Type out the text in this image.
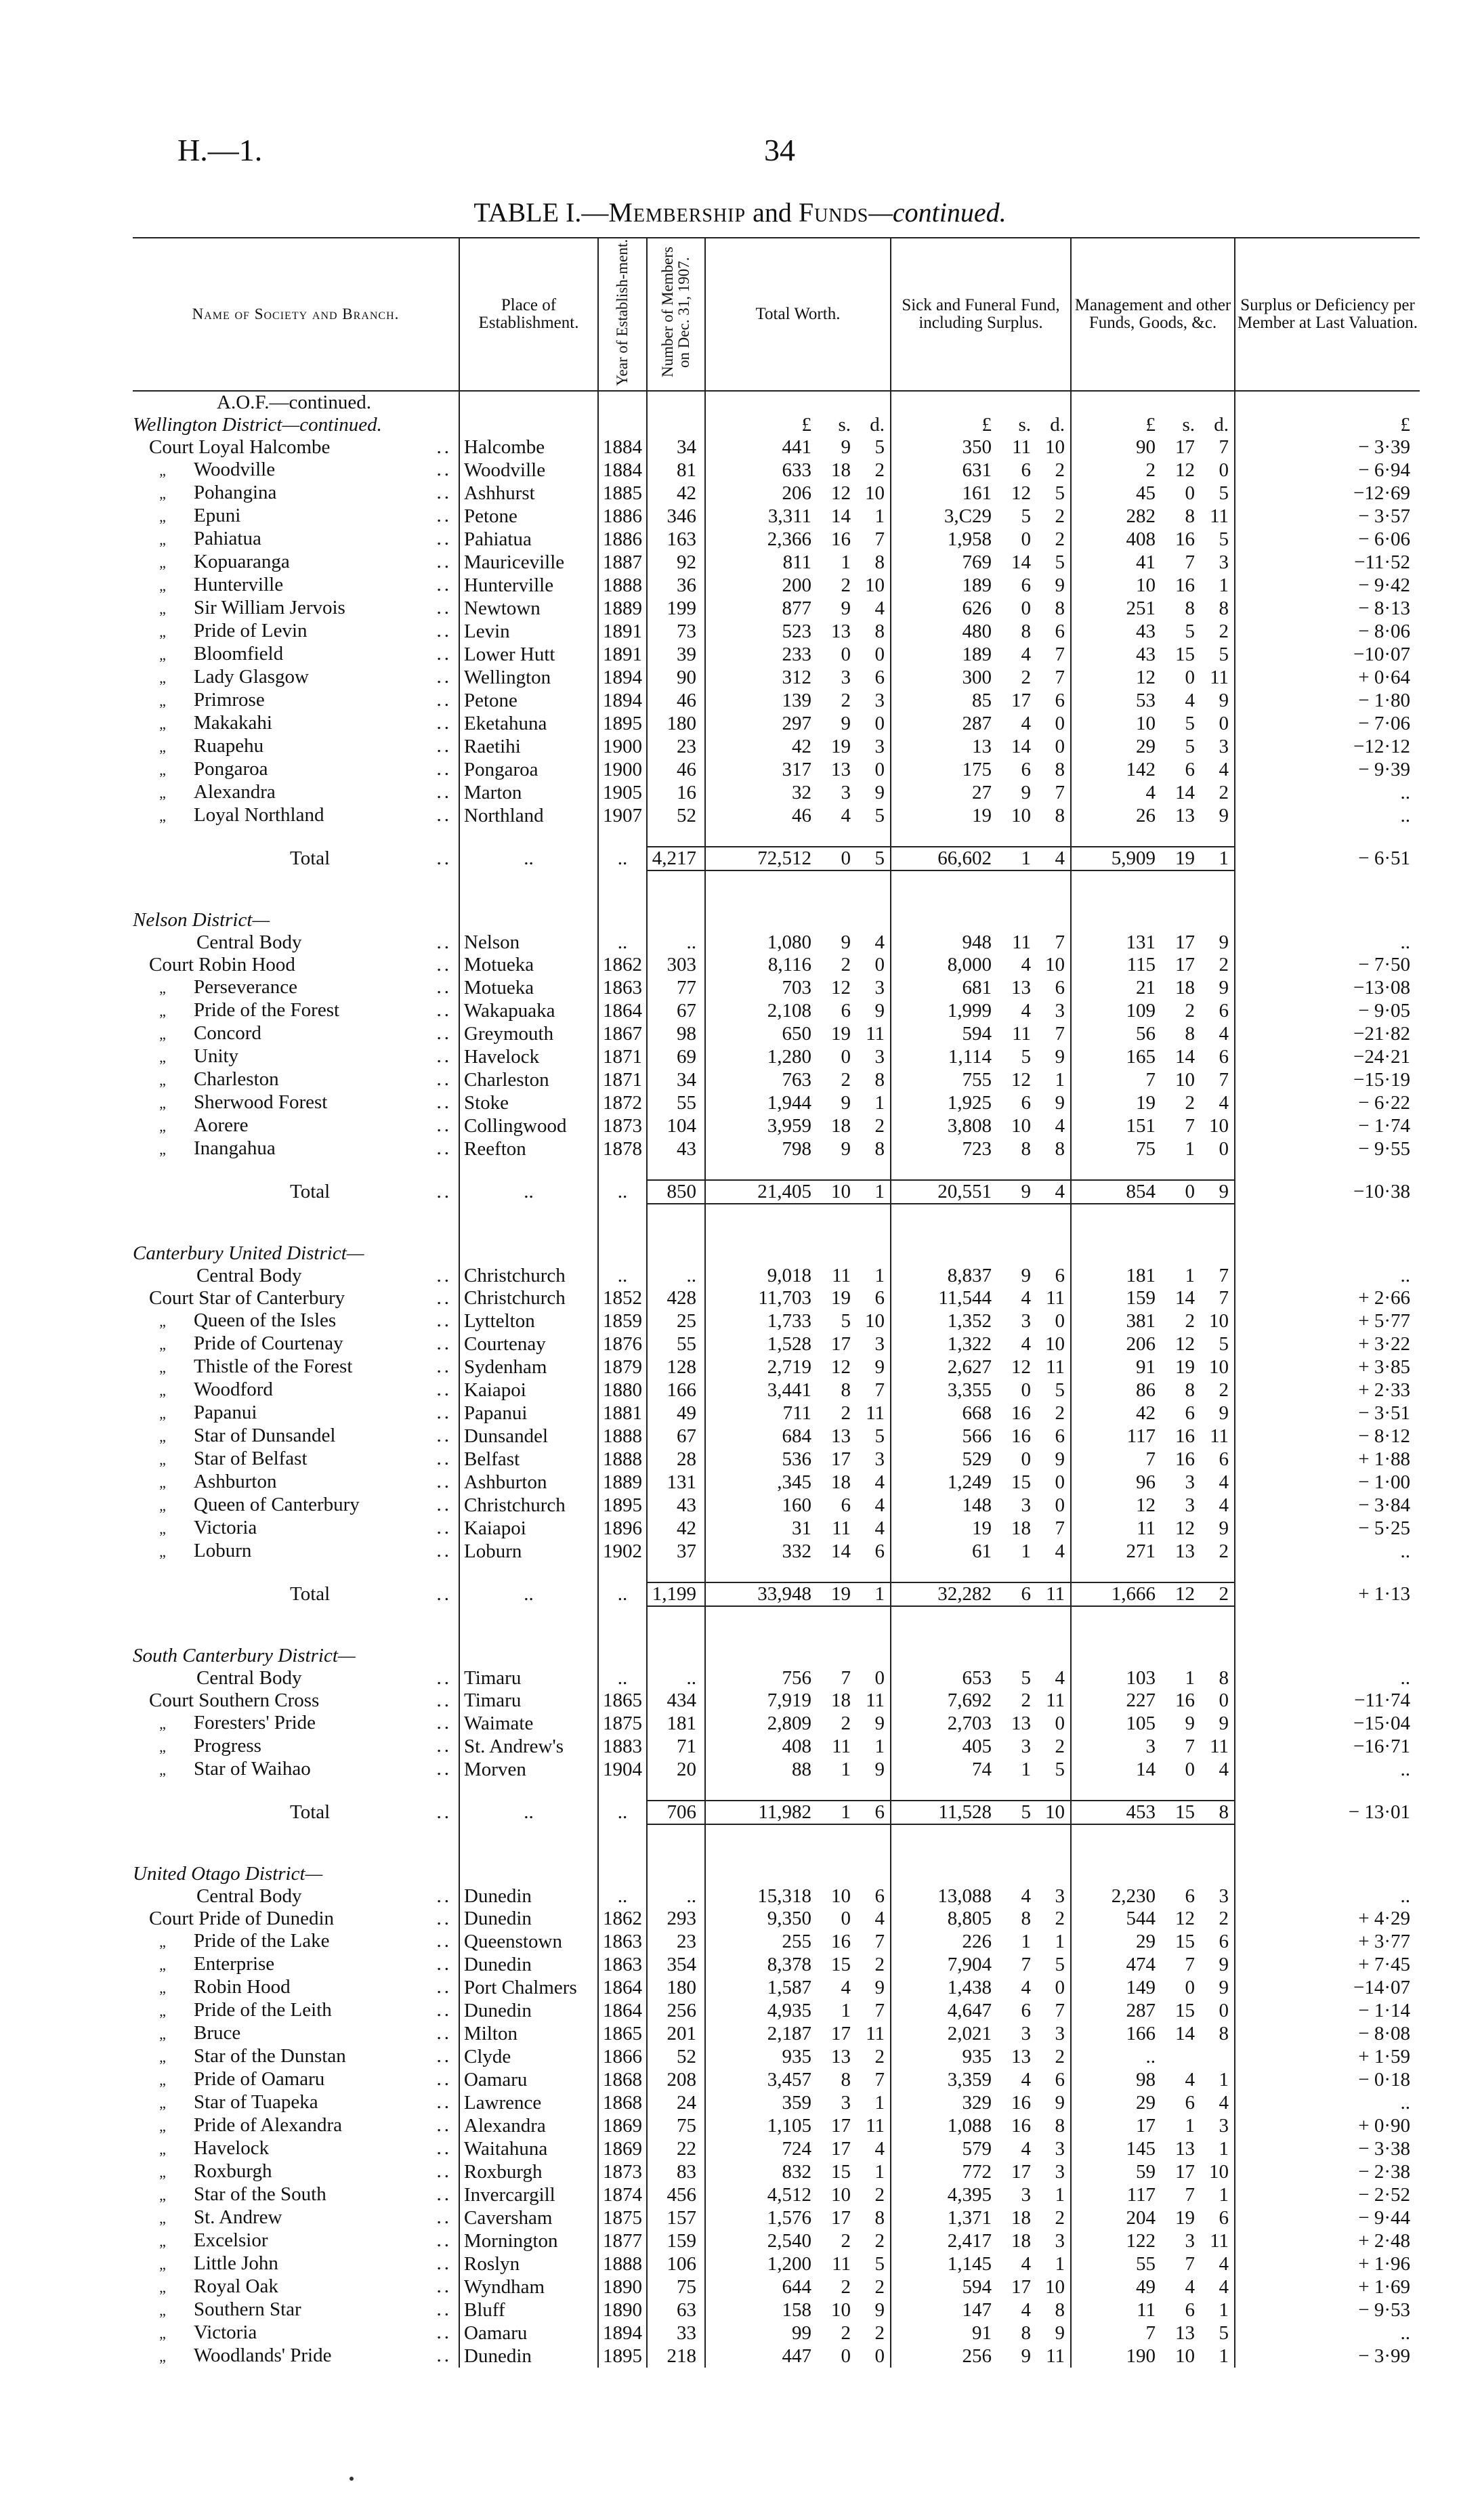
H.—1.	34
TABLE I.—Membership and Funds—continued.
Name of Society and Branch.	Place of Establishment.	Year of Establish-ment.	Number of Members on Dec. 31, 1907.	Total Worth.	Sick and Funeral Fund, including Surplus.	Management and other Funds, Goods, &c.	Surplus or Deficiency per Member at Last Valuation.
A.O.F.—continued.							
Wellington District—continued.				£ s. d.	£ s. d.	£ s. d.	£
Court Loyal Halcombe ..	Halcombe	1884	34	441 9 5	350 11 10	90 17 7	− 3·39
„ Woodville ..	Woodville	1884	81	633 18 2	631 6 2	2 12 0	− 6·94
„ Pohangina ..	Ashhurst	1885	42	206 12 10	161 12 5	45 0 5	−12·69
„ Epuni ..	Petone	1886	346	3,311 14 1	3,C29 5 2	282 8 11	− 3·57
„ Pahiatua ..	Pahiatua	1886	163	2,366 16 7	1,958 0 2	408 16 5	− 6·06
„ Kopuaranga ..	Mauriceville	1887	92	811 1 8	769 14 5	41 7 3	−11·52
„ Hunterville ..	Hunterville	1888	36	200 2 10	189 6 9	10 16 1	− 9·42
„ Sir William Jervois ..	Newtown	1889	199	877 9 4	626 0 8	251 8 8	− 8·13
„ Pride of Levin ..	Levin	1891	73	523 13 8	480 8 6	43 5 2	− 8·06
„ Bloomfield ..	Lower Hutt	1891	39	233 0 0	189 4 7	43 15 5	−10·07
„ Lady Glasgow ..	Wellington	1894	90	312 3 6	300 2 7	12 0 11	+ 0·64
„ Primrose ..	Petone	1894	46	139 2 3	85 17 6	53 4 9	− 1·80
„ Makakahi ..	Eketahuna	1895	180	297 9 0	287 4 0	10 5 0	− 7·06
„ Ruapehu ..	Raetihi	1900	23	42 19 3	13 14 0	29 5 3	−12·12
„ Pongaroa ..	Pongaroa	1900	46	317 13 0	175 6 8	142 6 4	− 9·39
„ Alexandra ..	Marton	1905	16	32 3 9	27 9 7	4 14 2	..
„ Loyal Northland ..	Northland	1907	52	46 4 5	19 10 8	26 13 9	..

Total ..	..	..	4,217	72,512 0 5	66,602 1 4	5,909 19 1	− 6·51

Nelson District—							
Central Body ..	Nelson	..	..	1,080 9 4	948 11 7	131 17 9	..
Court Robin Hood ..	Motueka	1862	303	8,116 2 0	8,000 4 10	115 17 2	− 7·50
„ Perseverance ..	Motueka	1863	77	703 12 3	681 13 6	21 18 9	−13·08
„ Pride of the Forest ..	Wakapuaka	1864	67	2,108 6 9	1,999 4 3	109 2 6	− 9·05
„ Concord ..	Greymouth	1867	98	650 19 11	594 11 7	56 8 4	−21·82
„ Unity ..	Havelock	1871	69	1,280 0 3	1,114 5 9	165 14 6	−24·21
„ Charleston ..	Charleston	1871	34	763 2 8	755 12 1	7 10 7	−15·19
„ Sherwood Forest ..	Stoke	1872	55	1,944 9 1	1,925 6 9	19 2 4	− 6·22
„ Aorere ..	Collingwood	1873	104	3,959 18 2	3,808 10 4	151 7 10	− 1·74
„ Inangahua ..	Reefton	1878	43	798 9 8	723 8 8	75 1 0	− 9·55

Total ..	..	..	850	21,405 10 1	20,551 9 4	854 0 9	−10·38

Canterbury United District—							
Central Body ..	Christchurch	..	..	9,018 11 1	8,837 9 6	181 1 7	..
Court Star of Canterbury ..	Christchurch	1852	428	11,703 19 6	11,544 4 11	159 14 7	+ 2·66
„ Queen of the Isles ..	Lyttelton	1859	25	1,733 5 10	1,352 3 0	381 2 10	+ 5·77
„ Pride of Courtenay ..	Courtenay	1876	55	1,528 17 3	1,322 4 10	206 12 5	+ 3·22
„ Thistle of the Forest ..	Sydenham	1879	128	2,719 12 9	2,627 12 11	91 19 10	+ 3·85
„ Woodford ..	Kaiapoi	1880	166	3,441 8 7	3,355 0 5	86 8 2	+ 2·33
„ Papanui ..	Papanui	1881	49	711 2 11	668 16 2	42 6 9	− 3·51
„ Star of Dunsandel ..	Dunsandel	1888	67	684 13 5	566 16 6	117 16 11	− 8·12
„ Star of Belfast ..	Belfast	1888	28	536 17 3	529 0 9	7 16 6	+ 1·88
„ Ashburton ..	Ashburton	1889	131	,345 18 4	1,249 15 0	96 3 4	− 1·00
„ Queen of Canterbury ..	Christchurch	1895	43	160 6 4	148 3 0	12 3 4	− 3·84
„ Victoria ..	Kaiapoi	1896	42	31 11 4	19 18 7	11 12 9	− 5·25
„ Loburn ..	Loburn	1902	37	332 14 6	61 1 4	271 13 2	..

Total ..	..	..	1,199	33,948 19 1	32,282 6 11	1,666 12 2	+ 1·13

South Canterbury District—							
Central Body ..	Timaru	..	..	756 7 0	653 5 4	103 1 8	..
Court Southern Cross ..	Timaru	1865	434	7,919 18 11	7,692 2 11	227 16 0	−11·74
„ Foresters' Pride ..	Waimate	1875	181	2,809 2 9	2,703 13 0	105 9 9	−15·04
„ Progress ..	St. Andrew's	1883	71	408 11 1	405 3 2	3 7 11	−16·71
„ Star of Waihao ..	Morven	1904	20	88 1 9	74 1 5	14 0 4	..

Total ..	..	..	706	11,982 1 6	11,528 5 10	453 15 8	− 13·01

United Otago District—							
Central Body ..	Dunedin	..	..	15,318 10 6	13,088 4 3	2,230 6 3	..
Court Pride of Dunedin ..	Dunedin	1862	293	9,350 0 4	8,805 8 2	544 12 2	+ 4·29
„ Pride of the Lake ..	Queenstown	1863	23	255 16 7	226 1 1	29 15 6	+ 3·77
„ Enterprise ..	Dunedin	1863	354	8,378 15 2	7,904 7 5	474 7 9	+ 7·45
„ Robin Hood ..	Port Chalmers	1864	180	1,587 4 9	1,438 4 0	149 0 9	−14·07
„ Pride of the Leith ..	Dunedin	1864	256	4,935 1 7	4,647 6 7	287 15 0	− 1·14
„ Bruce ..	Milton	1865	201	2,187 17 11	2,021 3 3	166 14 8	− 8·08
„ Star of the Dunstan ..	Clyde	1866	52	935 13 2	935 13 2	..	+ 1·59
„ Pride of Oamaru ..	Oamaru	1868	208	3,457 8 7	3,359 4 6	98 4 1	− 0·18
„ Star of Tuapeka ..	Lawrence	1868	24	359 3 1	329 16 9	29 6 4	..
„ Pride of Alexandra ..	Alexandra	1869	75	1,105 17 11	1,088 16 8	17 1 3	+ 0·90
„ Havelock ..	Waitahuna	1869	22	724 17 4	579 4 3	145 13 1	− 3·38
„ Roxburgh ..	Roxburgh	1873	83	832 15 1	772 17 3	59 17 10	− 2·38
„ Star of the South ..	Invercargill	1874	456	4,512 10 2	4,395 3 1	117 7 1	− 2·52
„ St. Andrew ..	Caversham	1875	157	1,576 17 8	1,371 18 2	204 19 6	− 9·44
„ Excelsior ..	Mornington	1877	159	2,540 2 2	2,417 18 3	122 3 11	+ 2·48
„ Little John ..	Roslyn	1888	106	1,200 11 5	1,145 4 1	55 7 4	+ 1·96
„ Royal Oak ..	Wyndham	1890	75	644 2 2	594 17 10	49 4 4	+ 1·69
„ Southern Star ..	Bluff	1890	63	158 10 9	147 4 8	11 6 1	− 9·53
„ Victoria ..	Oamaru	1894	33	99 2 2	91 8 9	7 13 5	..
„ Woodlands' Pride ..	Dunedin	1895	218	447 0 0	256 9 11	190 10 1	− 3·99
